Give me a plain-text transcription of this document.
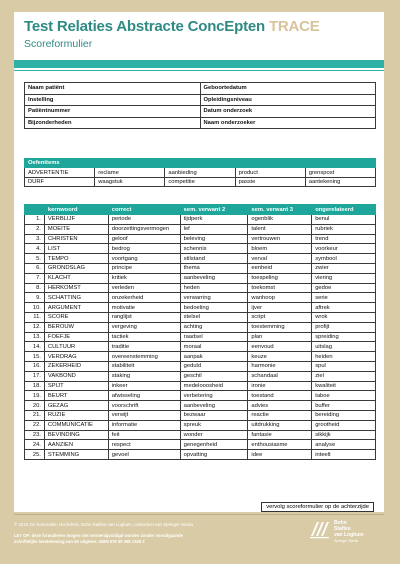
Test Relaties Abstracte ConcEpten TRACE
Scoreformulier
Naam patiënt	Geboortedatum
Instelling	Opleidingsniveau
Patiëntnummer	Datum onderzoek
Bijzonderheden	Naam onderzoeker
Oefenitems				
ADVERTENTIE	reclame	aanbieding	product	grenspost
DURF	waagstuk	competitie	passie	aantekening
	kernwoord	correct	sem. verwant 2	sem. verwant 3	ongerelateerd
1.	VERBLIJF	periode	tijdperk	ogenblik	benul
2.	MOEITE	doorzettingsvermogen	lef	talent	rubriek
3.	CHRISTEN	geloof	beleving	vertrouwen	trend
4.	LIST	bedrog	schennis	bloem	voorkeur
5.	TEMPO	voortgang	stilstand	verval	symbool
6.	GRONDSLAG	principe	thema	eenheid	zwier
7.	KLACHT	kritiek	aanbeveling	toespeling	viering
8.	HERKOMST	verleden	heden	toekomst	gedoe
9.	SCHATTING	onzekerheid	verwarring	wanhoop	serie
10.	ARGUMENT	motivatie	bedoeling	ijver	aftrek
11.	SCORE	ranglijst	stelsel	script	wrok
12.	BEROUW	vergeving	achting	toestemming	profijt
13.	FOEFJE	tactiek	raadsel	plan	spreiding
14.	CULTUUR	traditie	moraal	eenvoud	uitslag
15.	VERDRAG	overeenstemming	aanpak	keuze	heiden
16.	ZEKERHEID	stabiliteit	geduld	harmonie	spul
17.	VAKBOND	staking	geschil	schandaal	ziel
18.	SPIJT	inkeer	medelooosheid	ironie	kwaliteit
19.	BEURT	afwisseling	verbetering	toestand	taboe
20.	GEZAG	voorschrift	aanbeveling	advies	buffer
21.	RUZIE	verwijt	bezwaar	reactie	bereiding
22.	COMMUNICATIE	informatie	spreuk	uitdrukking	grootheid
23.	BEVINDING	feit	wonder	fantasie	sikkijk
24.	AANZIEN	respect	genegenheid	enthousiasme	analyse
25.	STEMMING	gevoel	opvatting	idee	inteelt
vervolg scoreformulier op de achterzijde
© 2016 De Sonneville, Hochdrink, Bohn Stafleu van Loghum, onderdeel van Springer Media
LET OP: deze formulieren mogen niet vermenigvuldigd worden zonder voorafgaande
schriftelijke toestemming van de uitgever. ISBN 978 90 368 1348 2
Bohn
Stafleu
van Loghum
Springer Media
